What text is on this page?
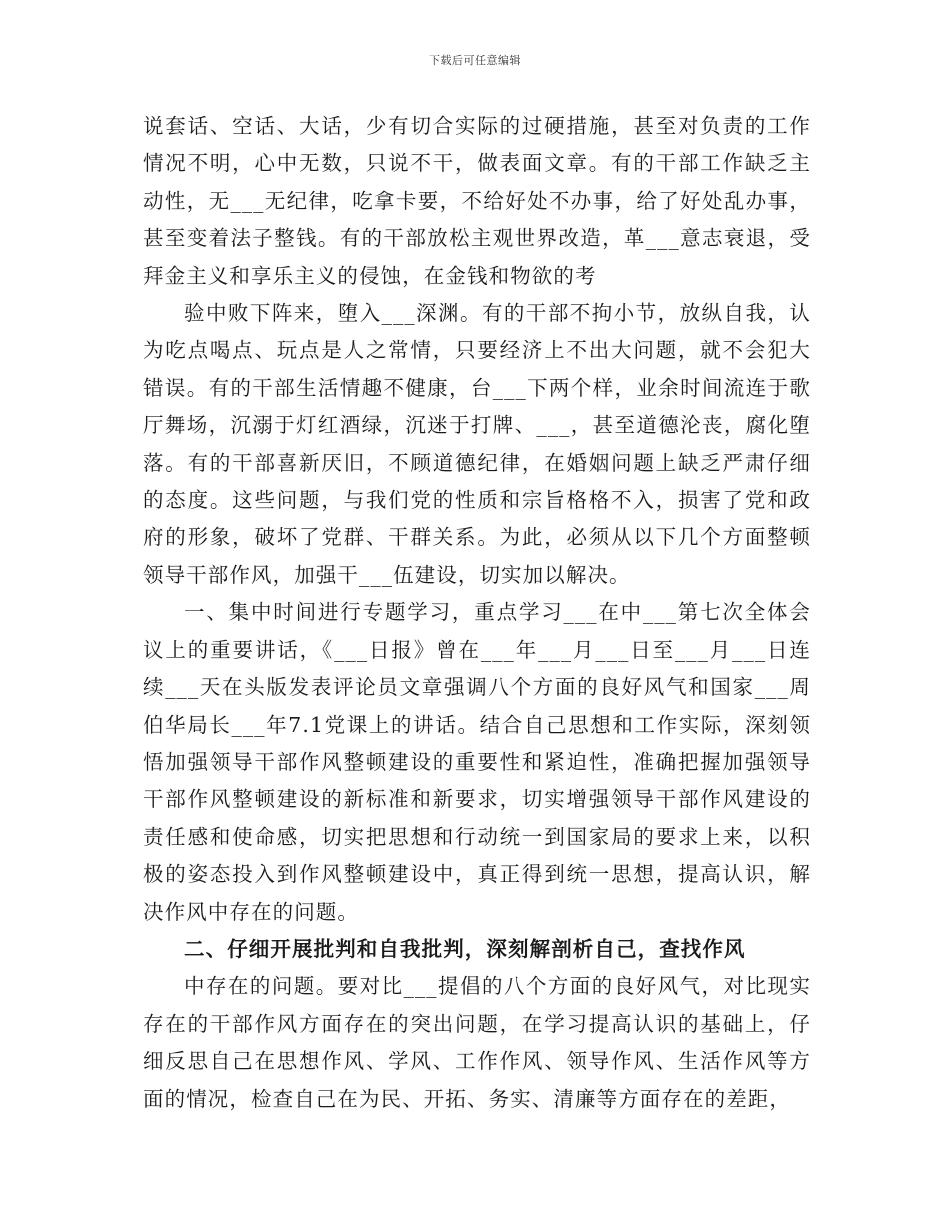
下载后可任意编辑

说套话、空话、大话，少有切合实际的过硬措施，甚至对负责的工作情况不明，心中无数，只说不干，做表面文章。有的干部工作缺乏主动性，无___无纪律，吃拿卡要，不给好处不办事，给了好处乱办事，甚至变着法子整钱。有的干部放松主观世界改造，革___意志衰退，受拜金主义和享乐主义的侵蚀，在金钱和物欲的考

验中败下阵来，堕入___深渊。有的干部不拘小节，放纵自我，认为吃点喝点、玩点是人之常情，只要经济上不出大问题，就不会犯大错误。有的干部生活情趣不健康，台___下两个样，业余时间流连于歌厅舞场，沉溺于灯红酒绿，沉迷于打牌、___，甚至道德沦丧，腐化堕落。有的干部喜新厌旧，不顾道德纪律，在婚姻问题上缺乏严肃仔细的态度。这些问题，与我们党的性质和宗旨格格不入，损害了党和政府的形象，破坏了党群、干群关系。为此，必须从以下几个方面整顿领导干部作风，加强干___伍建设，切实加以解决。

一、集中时间进行专题学习，重点学习___在中___第七次全体会议上的重要讲话，《___日报》曾在___年___月___日至___月___日连续___天在头版发表评论员文章强调八个方面的良好风气和国家___周伯华局长___年7.1党课上的讲话。结合自己思想和工作实际，深刻领悟加强领导干部作风整顿建设的重要性和紧迫性，准确把握加强领导干部作风整顿建设的新标准和新要求，切实增强领导干部作风建设的责任感和使命感，切实把思想和行动统一到国家局的要求上来，以积极的姿态投入到作风整顿建设中，真正得到统一思想，提高认识，解决作风中存在的问题。

二、仔细开展批判和自我批判，深刻解剖析自己，查找作风

中存在的问题。要对比___提倡的八个方面的良好风气，对比现实存在的干部作风方面存在的突出问题，在学习提高认识的基础上，仔细反思自己在思想作风、学风、工作作风、领导作风、生活作风等方面的情况，检查自己在为民、开拓、务实、清廉等方面存在的差距，
